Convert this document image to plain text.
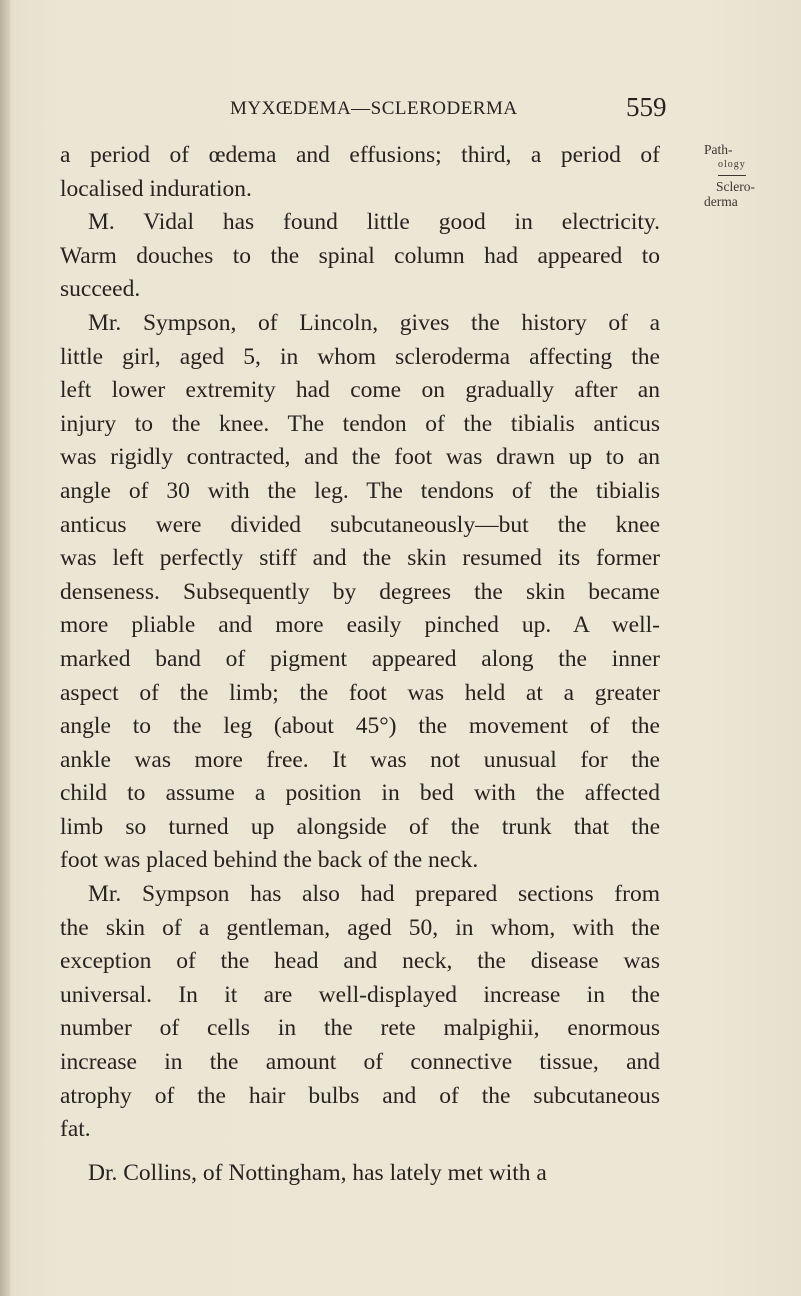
MYXŒDEMA—SCLERODERMA	559
Path-
ology
Sclero-
derma
a period of œdema and effusions; third, a period of
localised induration.
M. Vidal has found little good in electricity.
Warm douches to the spinal column had appeared to
succeed.
Mr. Sympson, of Lincoln, gives the history of a
little girl, aged 5, in whom scleroderma affecting the
left lower extremity had come on gradually after an
injury to the knee. The tendon of the tibialis anticus
was rigidly contracted, and the foot was drawn up to an
angle of 30 with the leg. The tendons of the tibialis
anticus were divided subcutaneously—but the knee
was left perfectly stiff and the skin resumed its former
denseness. Subsequently by degrees the skin became
more pliable and more easily pinched up. A well-
marked band of pigment appeared along the inner
aspect of the limb; the foot was held at a greater
angle to the leg (about 45°) the movement of the
ankle was more free. It was not unusual for the
child to assume a position in bed with the affected
limb so turned up alongside of the trunk that the
foot was placed behind the back of the neck.
Mr. Sympson has also had prepared sections from
the skin of a gentleman, aged 50, in whom, with the
exception of the head and neck, the disease was
universal. In it are well-displayed increase in the
number of cells in the rete malpighii, enormous
increase in the amount of connective tissue, and
atrophy of the hair bulbs and of the subcutaneous
fat.
Dr. Collins, of Nottingham, has lately met with a
